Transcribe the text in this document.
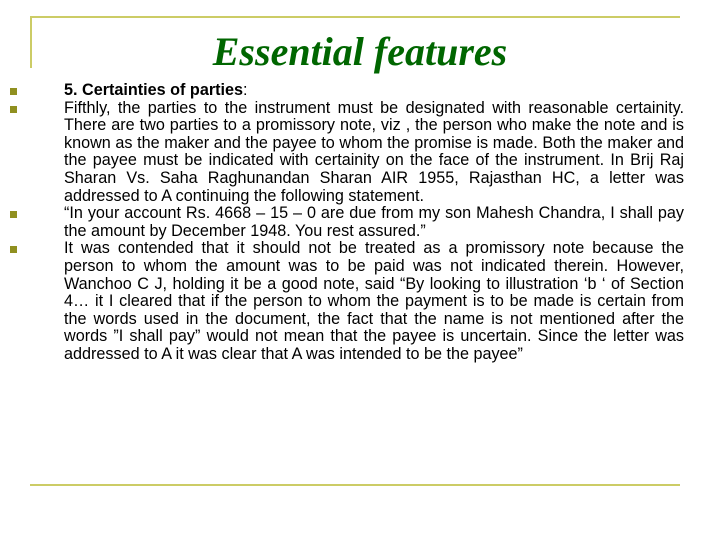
Essential features
5. Certainties of parties:
Fifthly, the parties to the instrument must be designated with reasonable certainity. There are two parties to a promissory note, viz , the person who make the note and is known as the maker and the payee to whom the promise is made. Both the maker and the payee must be indicated with certainity on the face of the instrument. In Brij Raj Sharan Vs. Saha Raghunandan Sharan AIR 1955, Rajasthan HC, a letter was addressed to A continuing the following statement.
“In your account Rs. 4668 – 15 – 0 are due from my son Mahesh Chandra, I shall pay the amount by December 1948. You rest assured.”
It was contended that it should not be treated as a promissory note because the person to whom the amount was to be paid was not indicated therein. However, Wanchoo C J, holding it be a good note, said “By looking to illustration ‘b ‘ of Section 4… it I cleared that if the person to whom the payment is to be made is certain from the words used in the document, the fact that the name is not mentioned after the words ”I shall pay” would not mean that the payee is uncertain. Since the letter was addressed to A it was clear that A was intended to be the payee”
